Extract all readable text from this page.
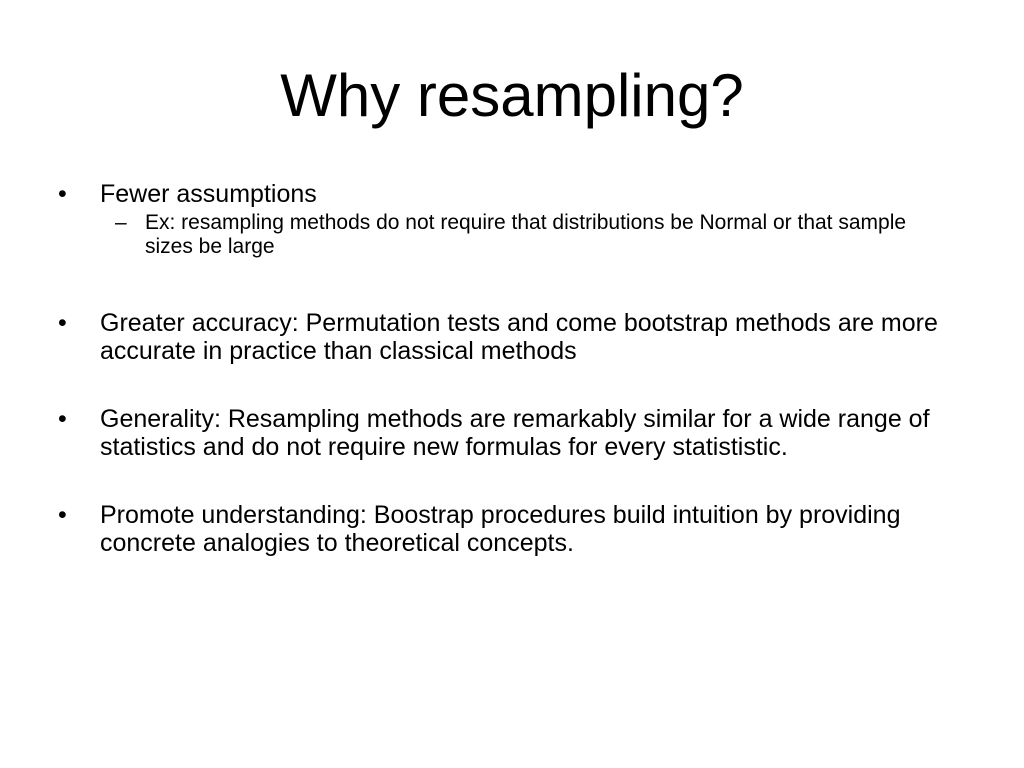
Why resampling?
•	Fewer assumptions
– Ex: resampling methods do not require that distributions be Normal or that sample sizes be large
•	Greater accuracy: Permutation tests and come bootstrap methods are more accurate in practice than classical methods
•	Generality: Resampling methods are remarkably similar for a wide range of statistics and do not require new formulas for every statististic.
•	Promote understanding: Boostrap procedures build intuition by providing concrete analogies to theoretical concepts.
